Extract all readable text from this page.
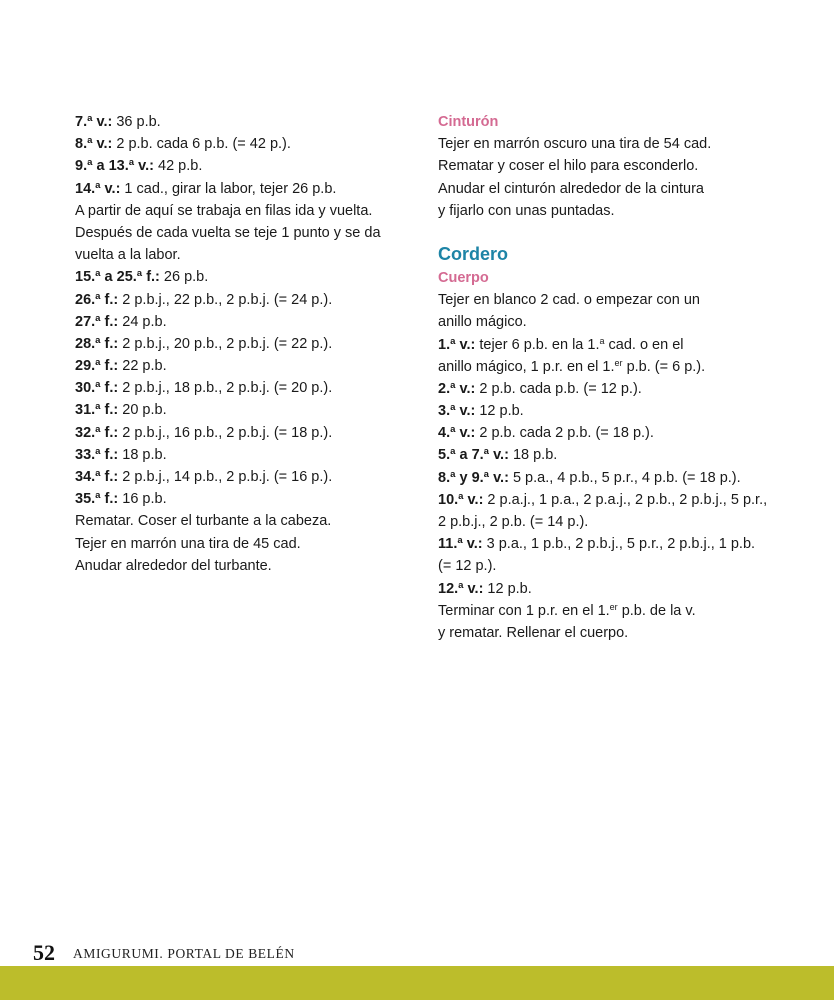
7.ª v.: 36 p.b.
8.ª v.: 2 p.b. cada 6 p.b. (= 42 p.).
9.ª a 13.ª v.: 42 p.b.
14.ª v.: 1 cad., girar la labor, tejer 26 p.b.
A partir de aquí se trabaja en filas ida y vuelta.
Después de cada vuelta se teje 1 punto y se da
vuelta a la labor.
15.ª a 25.ª f.: 26 p.b.
26.ª f.: 2 p.b.j., 22 p.b., 2 p.b.j. (= 24 p.).
27.ª f.: 24 p.b.
28.ª f.: 2 p.b.j., 20 p.b., 2 p.b.j. (= 22 p.).
29.ª f.: 22 p.b.
30.ª f.: 2 p.b.j., 18 p.b., 2 p.b.j. (= 20 p.).
31.ª f.: 20 p.b.
32.ª f.: 2 p.b.j., 16 p.b., 2 p.b.j. (= 18 p.).
33.ª f.: 18 p.b.
34.ª f.: 2 p.b.j., 14 p.b., 2 p.b.j. (= 16 p.).
35.ª f.: 16 p.b.
Rematar. Coser el turbante a la cabeza.
Tejer en marrón una tira de 45 cad.
Anudar alrededor del turbante.
Cinturón
Tejer en marrón oscuro una tira de 54 cad.
Rematar y coser el hilo para esconderlo.
Anudar el cinturón alrededor de la cintura
y fijarlo con unas puntadas.
Cordero
Cuerpo
Tejer en blanco 2 cad. o empezar con un
anillo mágico.
1.ª v.: tejer 6 p.b. en la 1.$^a$ cad. o en el
anillo mágico, 1 p.r. en el 1.$^{er}$ p.b. (= 6 p.).
2.ª v.: 2 p.b. cada p.b. (= 12 p.).
3.ª v.: 12 p.b.
4.ª v.: 2 p.b. cada 2 p.b. (= 18 p.).
5.ª a 7.ª v.: 18 p.b.
8.ª y 9.ª v.: 5 p.a., 4 p.b., 5 p.r., 4 p.b. (= 18 p.).
10.ª v.: 2 p.a.j., 1 p.a., 2 p.a.j., 2 p.b., 2 p.b.j., 5 p.r.,
2 p.b.j., 2 p.b. (= 14 p.).
11.ª v.: 3 p.a., 1 p.b., 2 p.b.j., 5 p.r., 2 p.b.j., 1 p.b.
(= 12 p.).
12.ª v.: 12 p.b.
Terminar con 1 p.r. en el 1.$^{er}$ p.b. de la v.
y rematar. Rellenar el cuerpo.
52 AMIGURUMI. PORTAL DE BELÉN
